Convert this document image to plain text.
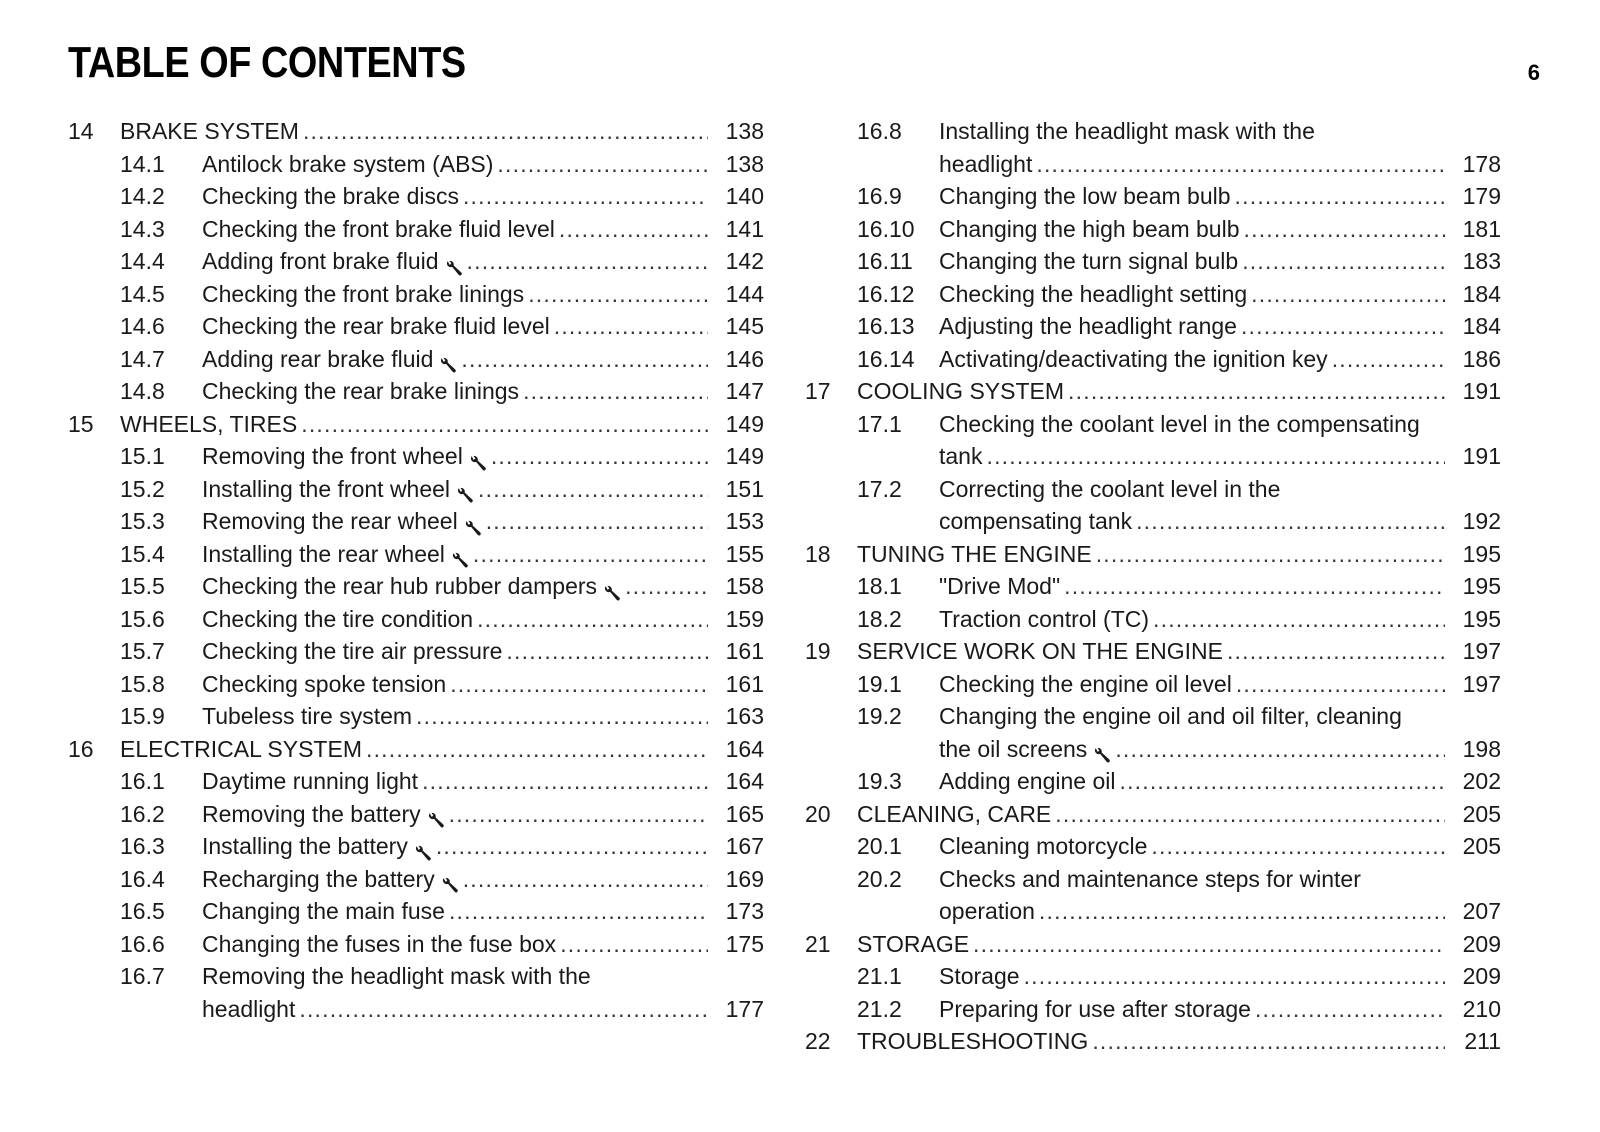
TABLE OF CONTENTS	6
14	BRAKE SYSTEM .....	138
14.1	Antilock brake system (ABS) .....	138
14.2	Checking the brake discs .....	140
14.3	Checking the front brake fluid level .....	141
14.4	Adding front brake fluid .....	142
14.5	Checking the front brake linings .....	144
14.6	Checking the rear brake fluid level .....	145
14.7	Adding rear brake fluid .....	146
14.8	Checking the rear brake linings .....	147
15	WHEELS, TIRES .....	149
15.1	Removing the front wheel .....	149
15.2	Installing the front wheel .....	151
15.3	Removing the rear wheel .....	153
15.4	Installing the rear wheel .....	155
15.5	Checking the rear hub rubber dampers .....	158
15.6	Checking the tire condition .....	159
15.7	Checking the tire air pressure .....	161
15.8	Checking spoke tension .....	161
15.9	Tubeless tire system .....	163
16	ELECTRICAL SYSTEM .....	164
16.1	Daytime running light .....	164
16.2	Removing the battery .....	165
16.3	Installing the battery .....	167
16.4	Recharging the battery .....	169
16.5	Changing the main fuse .....	173
16.6	Changing the fuses in the fuse box .....	175
16.7	Removing the headlight mask with the
headlight .....	177
16.8	Installing the headlight mask with the
headlight .....	178
16.9	Changing the low beam bulb .....	179
16.10	Changing the high beam bulb .....	181
16.11	Changing the turn signal bulb .....	183
16.12	Checking the headlight setting .....	184
16.13	Adjusting the headlight range .....	184
16.14	Activating/deactivating the ignition key .....	186
17	COOLING SYSTEM .....	191
17.1	Checking the coolant level in the compensating
tank .....	191
17.2	Correcting the coolant level in the
compensating tank .....	192
18	TUNING THE ENGINE .....	195
18.1	"Drive Mod" .....	195
18.2	Traction control (TC) .....	195
19	SERVICE WORK ON THE ENGINE .....	197
19.1	Checking the engine oil level .....	197
19.2	Changing the engine oil and oil filter, cleaning
the oil screens .....	198
19.3	Adding engine oil .....	202
20	CLEANING, CARE .....	205
20.1	Cleaning motorcycle .....	205
20.2	Checks and maintenance steps for winter
operation .....	207
21	STORAGE .....	209
21.1	Storage .....	209
21.2	Preparing for use after storage .....	210
22	TROUBLESHOOTING .....	211
